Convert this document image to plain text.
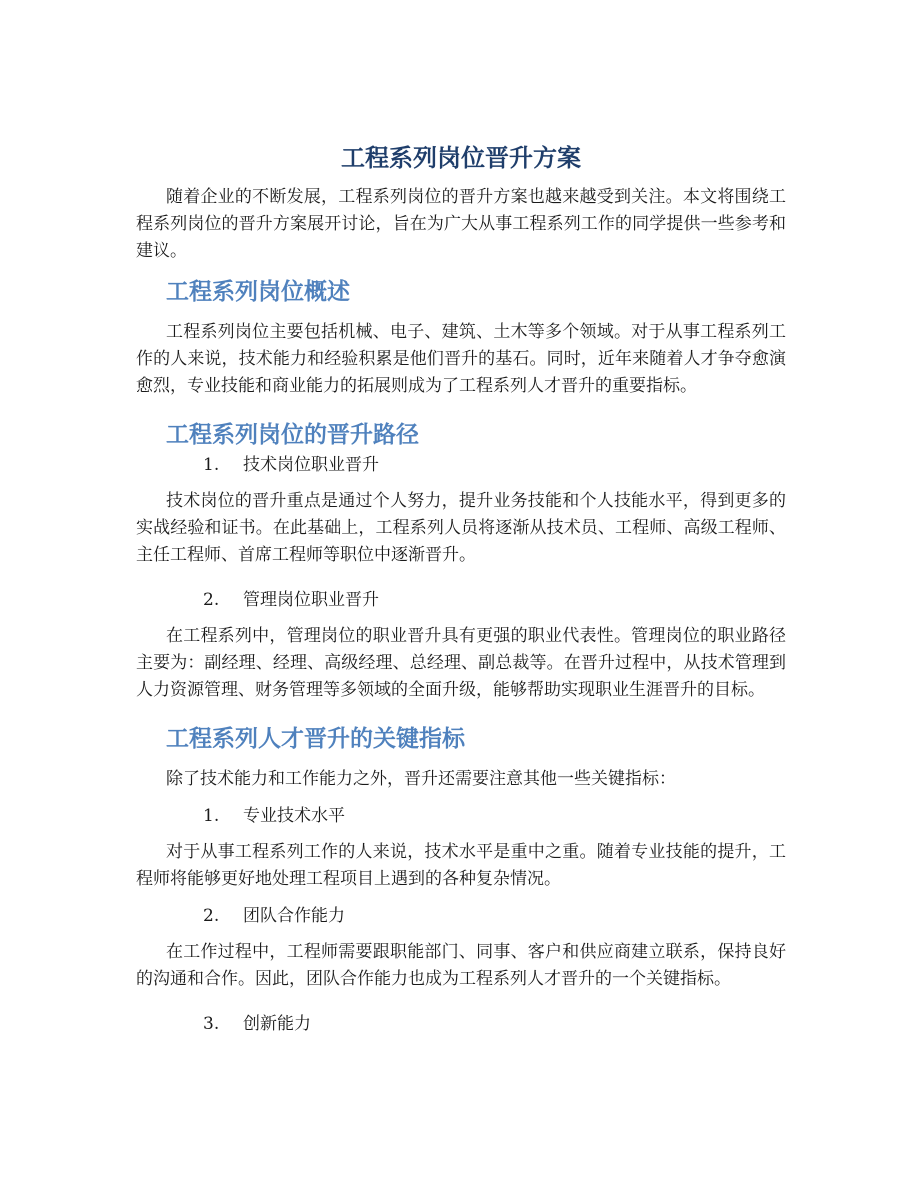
工程系列岗位晋升方案

随着企业的不断发展，工程系列岗位的晋升方案也越来越受到关注。本文将围绕工程系列岗位的晋升方案展开讨论，旨在为广大从事工程系列工作的同学提供一些参考和建议。

工程系列岗位概述

工程系列岗位主要包括机械、电子、建筑、土木等多个领域。对于从事工程系列工作的人来说，技术能力和经验积累是他们晋升的基石。同时，近年来随着人才争夺愈演愈烈，专业技能和商业能力的拓展则成为了工程系列人才晋升的重要指标。

工程系列岗位的晋升路径
1.	技术岗位职业晋升

技术岗位的晋升重点是通过个人努力，提升业务技能和个人技能水平，得到更多的实战经验和证书。在此基础上，工程系列人员将逐渐从技术员、工程师、高级工程师、主任工程师、首席工程师等职位中逐渐晋升。

2.	管理岗位职业晋升

在工程系列中，管理岗位的职业晋升具有更强的职业代表性。管理岗位的职业路径主要为：副经理、经理、高级经理、总经理、副总裁等。在晋升过程中，从技术管理到人力资源管理、财务管理等多领域的全面升级，能够帮助实现职业生涯晋升的目标。

工程系列人才晋升的关键指标

除了技术能力和工作能力之外，晋升还需要注意其他一些关键指标：

1.	专业技术水平

对于从事工程系列工作的人来说，技术水平是重中之重。随着专业技能的提升，工程师将能够更好地处理工程项目上遇到的各种复杂情况。

2.	团队合作能力

在工作过程中，工程师需要跟职能部门、同事、客户和供应商建立联系，保持良好的沟通和合作。因此，团队合作能力也成为工程系列人才晋升的一个关键指标。

3.	创新能力
